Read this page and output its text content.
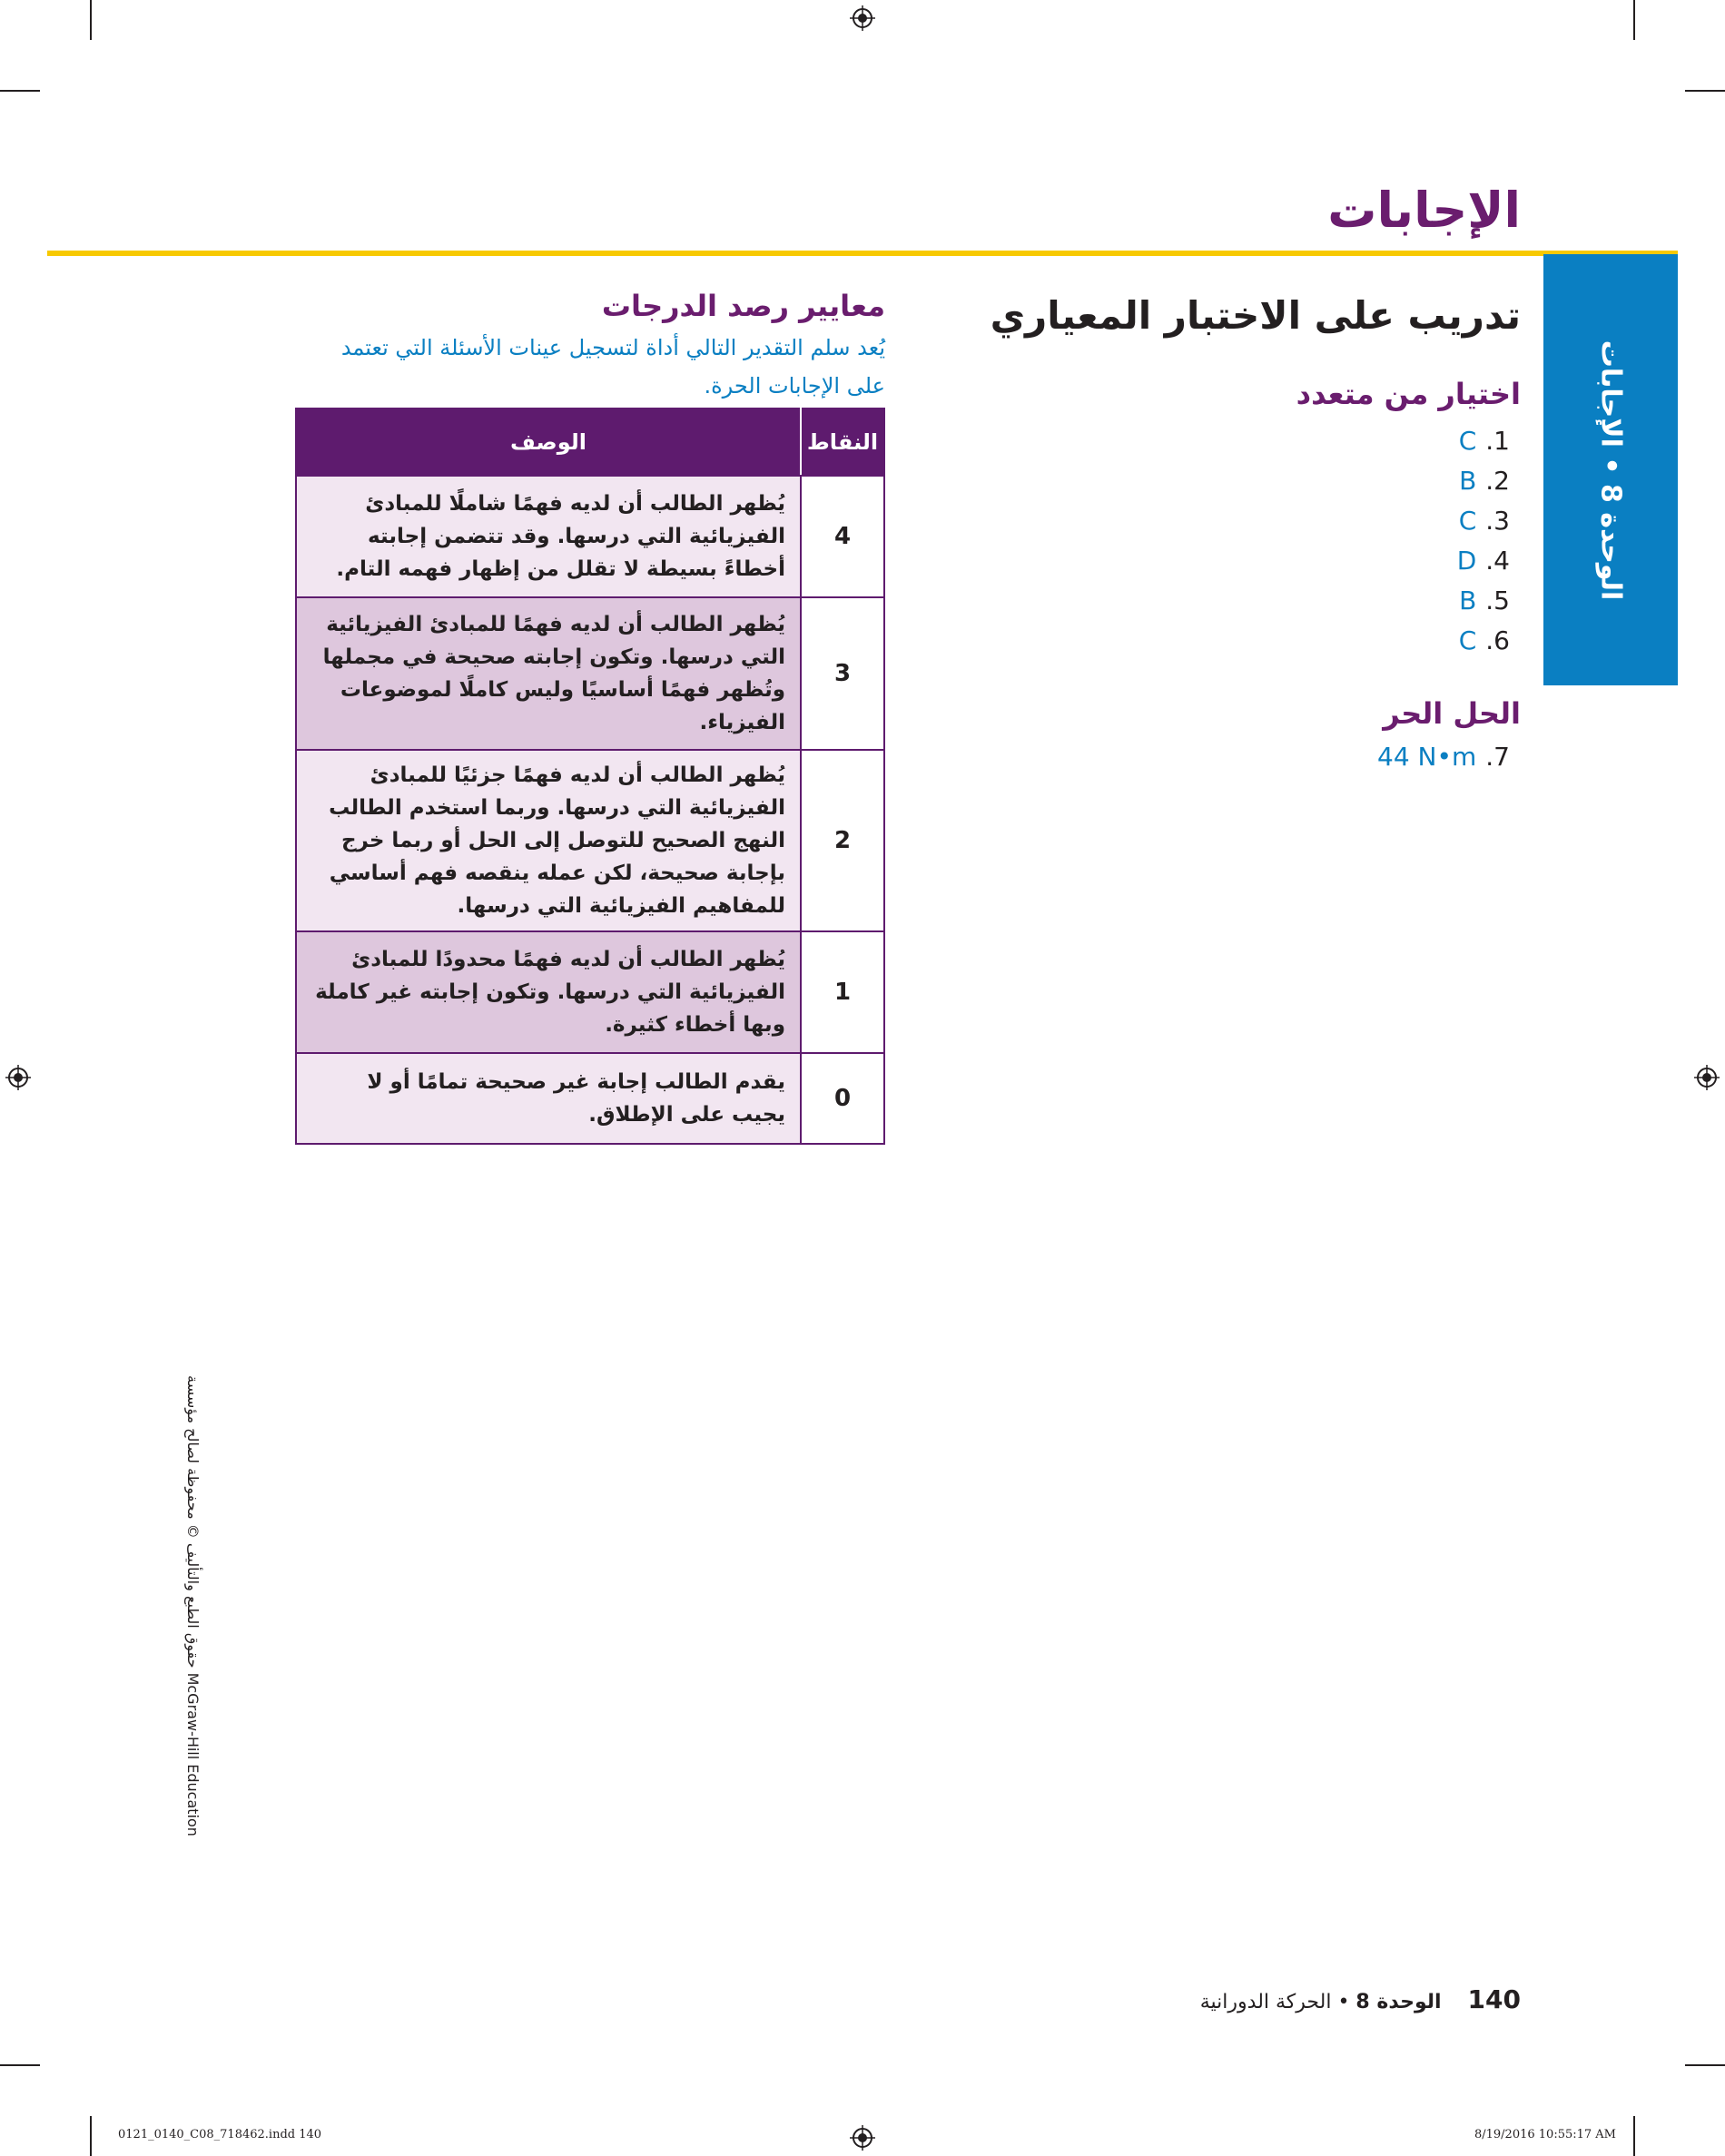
الإجابات
الوحدة 8 • الإجابات
تدريب على الاختبار المعياري
اختيار من متعدد
C .1
B .2
C .3
D .4
B .5
C .6
الحل الحر
44 N•m .7
معايير رصد الدرجات
يُعد سلم التقدير التالي أداة لتسجيل عينات الأسئلة التي تعتمد على الإجابات الحرة.
النقاط	الوصف
4	يُظهر الطالب أن لديه فهمًا شاملًا للمبادئ الفيزيائية التي درسها. وقد تتضمن إجابته أخطاءً بسيطة لا تقلل من إظهار فهمه التام.
3	يُظهر الطالب أن لديه فهمًا للمبادئ الفيزيائية التي درسها. وتكون إجابته صحيحة في مجملها وتُظهر فهمًا أساسيًا وليس كاملًا لموضوعات الفيزياء.
2	يُظهر الطالب أن لديه فهمًا جزئيًا للمبادئ الفيزيائية التي درسها. وربما استخدم الطالب النهج الصحيح للتوصل إلى الحل أو ربما خرج بإجابة صحيحة، لكن عمله ينقصه فهم أساسي للمفاهيم الفيزيائية التي درسها.
1	يُظهر الطالب أن لديه فهمًا محدودًا للمبادئ الفيزيائية التي درسها. وتكون إجابته غير كاملة وبها أخطاء كثيرة.
0	يقدم الطالب إجابة غير صحيحة تمامًا أو لا يجيب على الإطلاق.
حقوق الطبع والتأليف © محفوظة لصالح مؤسسة McGraw-Hill Education
140 الوحدة 8 • الحركة الدورانية
0121_0140_C08_718462.indd 140	8/19/2016 10:55:17 AM
